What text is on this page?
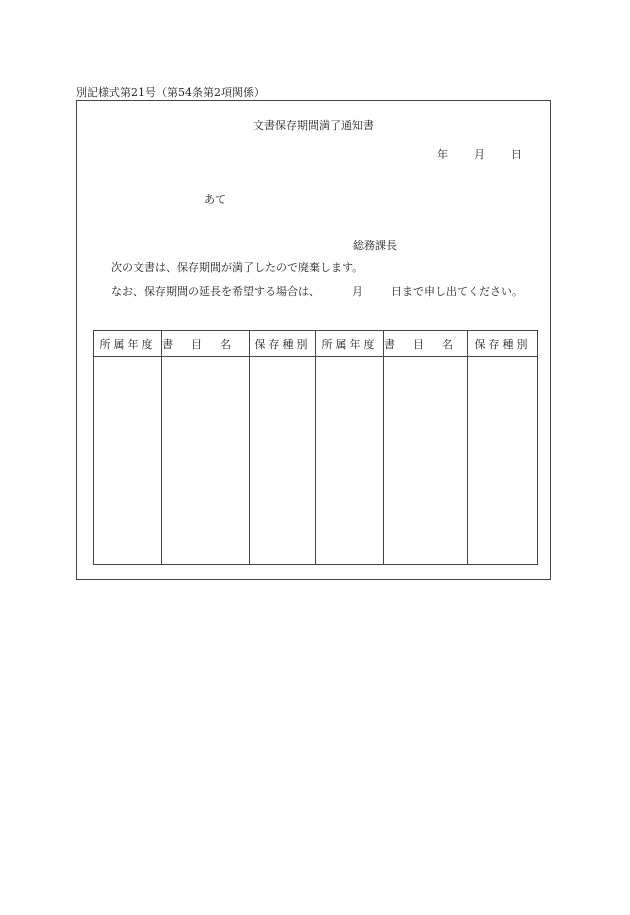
別記様式第21号（第54条第2項関係）
文書保存期間満了通知書
年	月	日
あて
総務課長
次の文書は、保存期間が満了したので廃棄します。
なお、保存期間の延長を希望する場合は、	月	日まで申し出てください。
所属年度	書目名	保存種別	所属年度	書目名	保存種別
